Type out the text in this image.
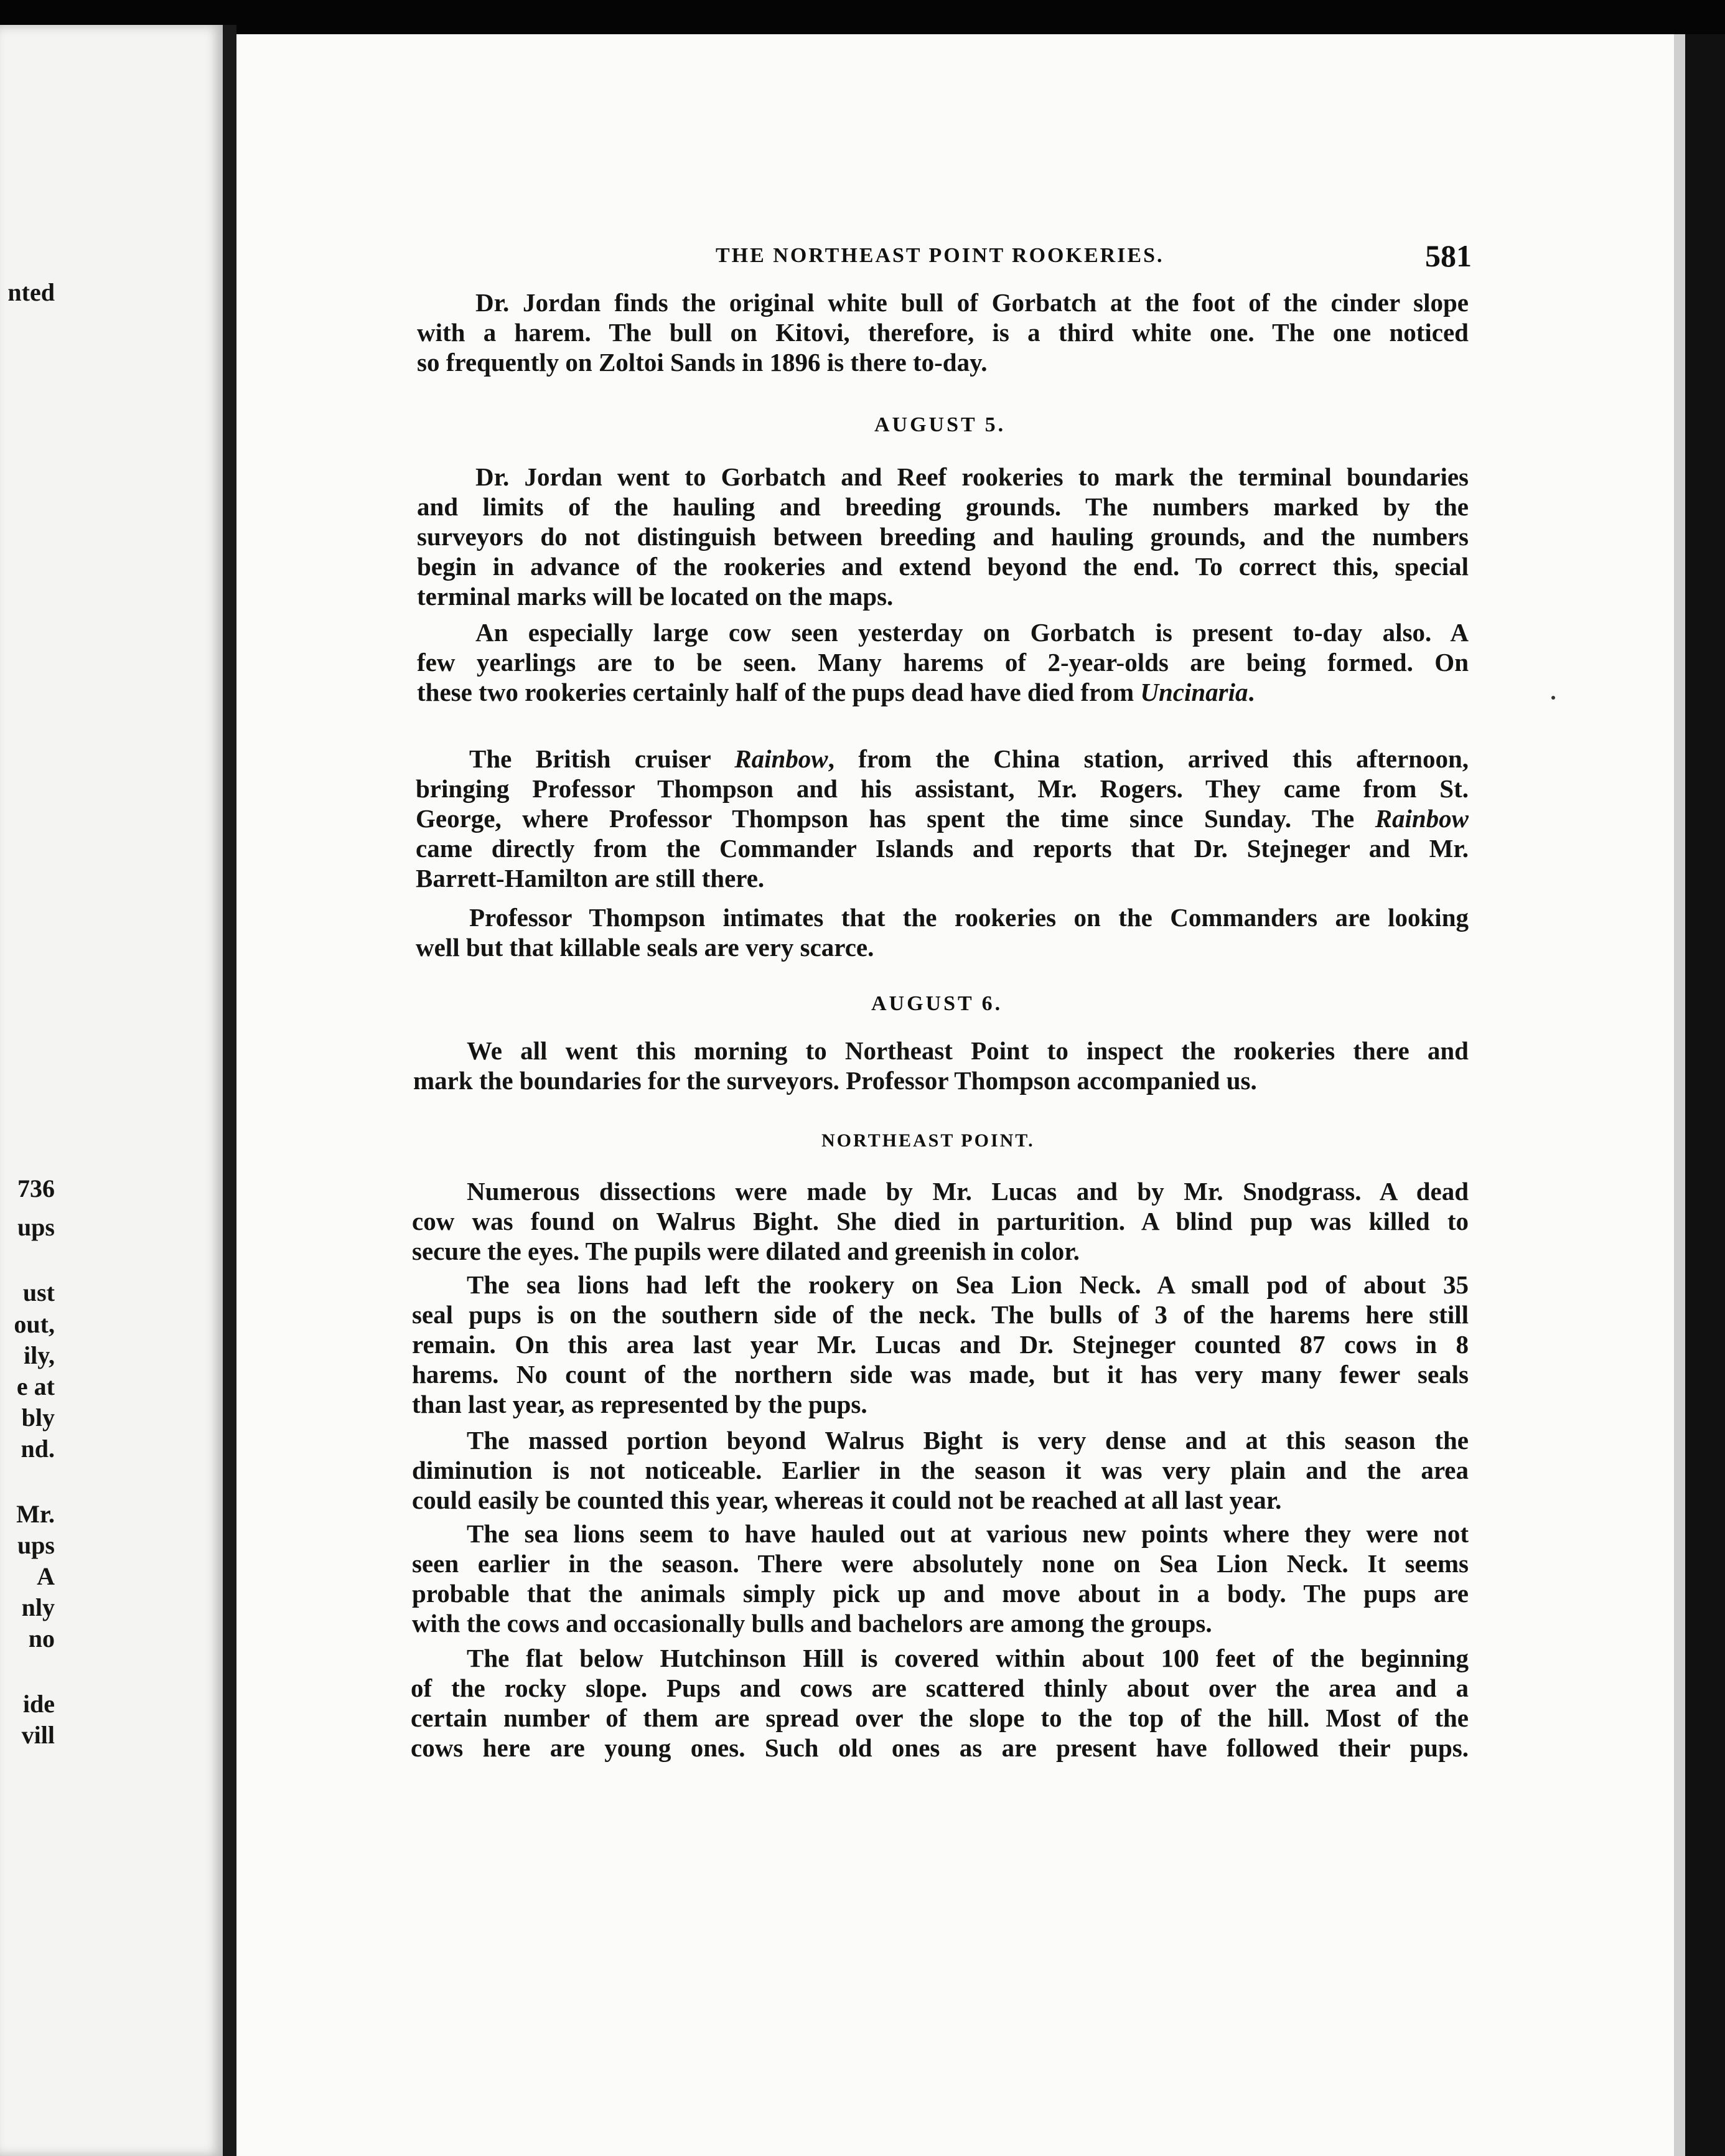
nted
736
ups
ust
out,
ily,
e at
bly
nd.
Mr.
ups
A
nly
no
ide
vill
THE NORTHEAST POINT ROOKERIES.	581
Dr. Jordan finds the original white bull of Gorbatch at the foot of the cinder slope
with a harem. The bull on Kitovi, therefore, is a third white one. The one noticed
so frequently on Zoltoi Sands in 1896 is there to-day.
AUGUST 5.
Dr. Jordan went to Gorbatch and Reef rookeries to mark the terminal boundaries
and limits of the hauling and breeding grounds. The numbers marked by the
surveyors do not distinguish between breeding and hauling grounds, and the numbers
begin in advance of the rookeries and extend beyond the end. To correct this, special
terminal marks will be located on the maps.
An especially large cow seen yesterday on Gorbatch is present to-day also. A
few yearlings are to be seen. Many harems of 2-year-olds are being formed. On
these two rookeries certainly half of the pups dead have died from Uncinaria.
The British cruiser Rainbow, from the China station, arrived this afternoon,
bringing Professor Thompson and his assistant, Mr. Rogers. They came from St.
George, where Professor Thompson has spent the time since Sunday. The Rainbow
came directly from the Commander Islands and reports that Dr. Stejneger and Mr.
Barrett-Hamilton are still there.
Professor Thompson intimates that the rookeries on the Commanders are looking
well but that killable seals are very scarce.
AUGUST 6.
We all went this morning to Northeast Point to inspect the rookeries there and
mark the boundaries for the surveyors. Professor Thompson accompanied us.
NORTHEAST POINT.
Numerous dissections were made by Mr. Lucas and by Mr. Snodgrass. A dead
cow was found on Walrus Bight. She died in parturition. A blind pup was killed to
secure the eyes. The pupils were dilated and greenish in color.
The sea lions had left the rookery on Sea Lion Neck. A small pod of about 35
seal pups is on the southern side of the neck. The bulls of 3 of the harems here still
remain. On this area last year Mr. Lucas and Dr. Stejneger counted 87 cows in 8
harems. No count of the northern side was made, but it has very many fewer seals
than last year, as represented by the pups.
The massed portion beyond Walrus Bight is very dense and at this season the
diminution is not noticeable. Earlier in the season it was very plain and the area
could easily be counted this year, whereas it could not be reached at all last year.
The sea lions seem to have hauled out at various new points where they were not
seen earlier in the season. There were absolutely none on Sea Lion Neck. It seems
probable that the animals simply pick up and move about in a body. The pups are
with the cows and occasionally bulls and bachelors are among the groups.
The flat below Hutchinson Hill is covered within about 100 feet of the beginning
of the rocky slope. Pups and cows are scattered thinly about over the area and a
certain number of them are spread over the slope to the top of the hill. Most of the
cows here are young ones. Such old ones as are present have followed their pups.
